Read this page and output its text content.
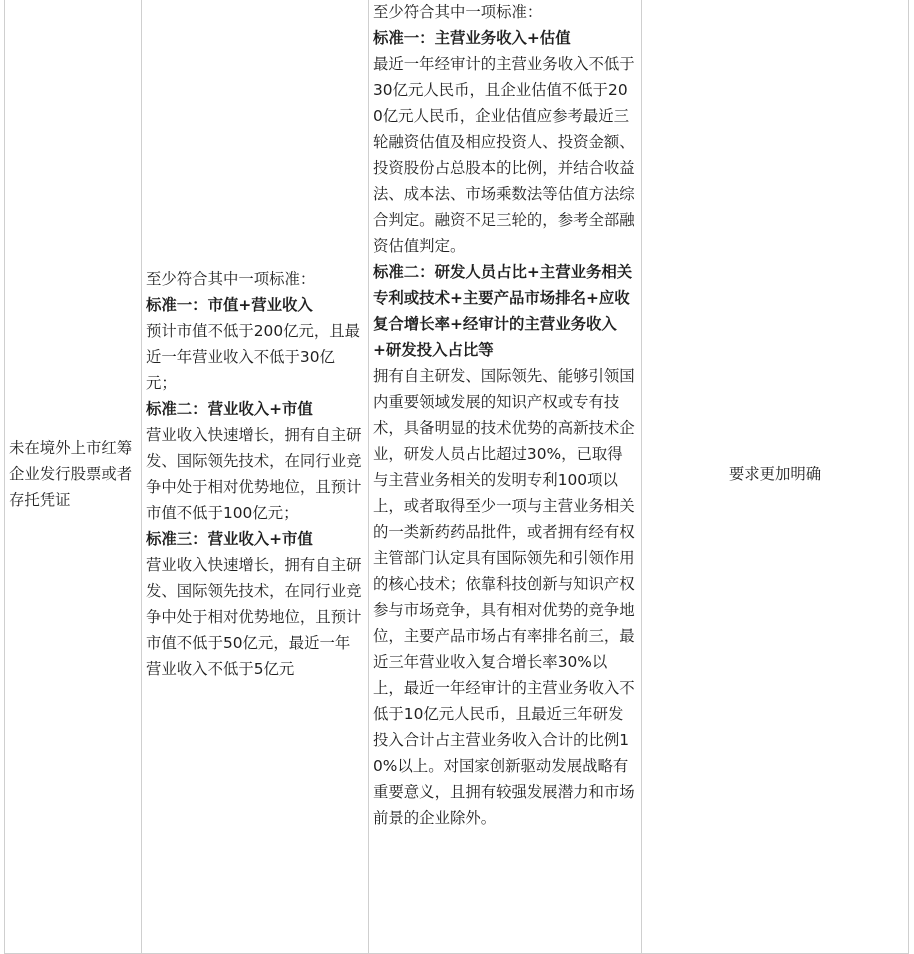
未在境外上市红筹企业发行股票或者存托凭证
至少符合其中一项标准：
标准一：市值+营业收入
预计市值不低于200亿元，且最近一年营业收入不低于30亿元；
标准二：营业收入+市值
营业收入快速增长，拥有自主研发、国际领先技术，在同行业竞争中处于相对优势地位，且预计市值不低于100亿元；
标准三：营业收入+市值
营业收入快速增长，拥有自主研发、国际领先技术，在同行业竞争中处于相对优势地位，且预计市值不低于50亿元，最近一年营业收入不低于5亿元
至少符合其中一项标准：
标准一：主营业务收入+估值
最近一年经审计的主营业务收入不低于30亿元人民币，且企业估值不低于200亿元人民币，企业估值应参考最近三轮融资估值及相应投资人、投资金额、投资股份占总股本的比例，并结合收益法、成本法、市场乘数法等估值方法综合判定。融资不足三轮的，参考全部融资估值判定。
标准二：研发人员占比+主营业务相关专利或技术+主要产品市场排名+应收复合增长率+经审计的主营业务收入+研发投入占比等
拥有自主研发、国际领先、能够引领国内重要领域发展的知识产权或专有技术，具备明显的技术优势的高新技术企业，研发人员占比超过30%，已取得与主营业务相关的发明专利100项以上，或者取得至少一项与主营业务相关的一类新药药品批件，或者拥有经有权主管部门认定具有国际领先和引领作用的核心技术；依靠科技创新与知识产权参与市场竞争，具有相对优势的竞争地位，主要产品市场占有率排名前三，最近三年营业收入复合增长率30%以上，最近一年经审计的主营业务收入不低于10亿元人民币，且最近三年研发投入合计占主营业务收入合计的比例10%以上。对国家创新驱动发展战略有重要意义，且拥有较强发展潜力和市场前景的企业除外。
要求更加明确
